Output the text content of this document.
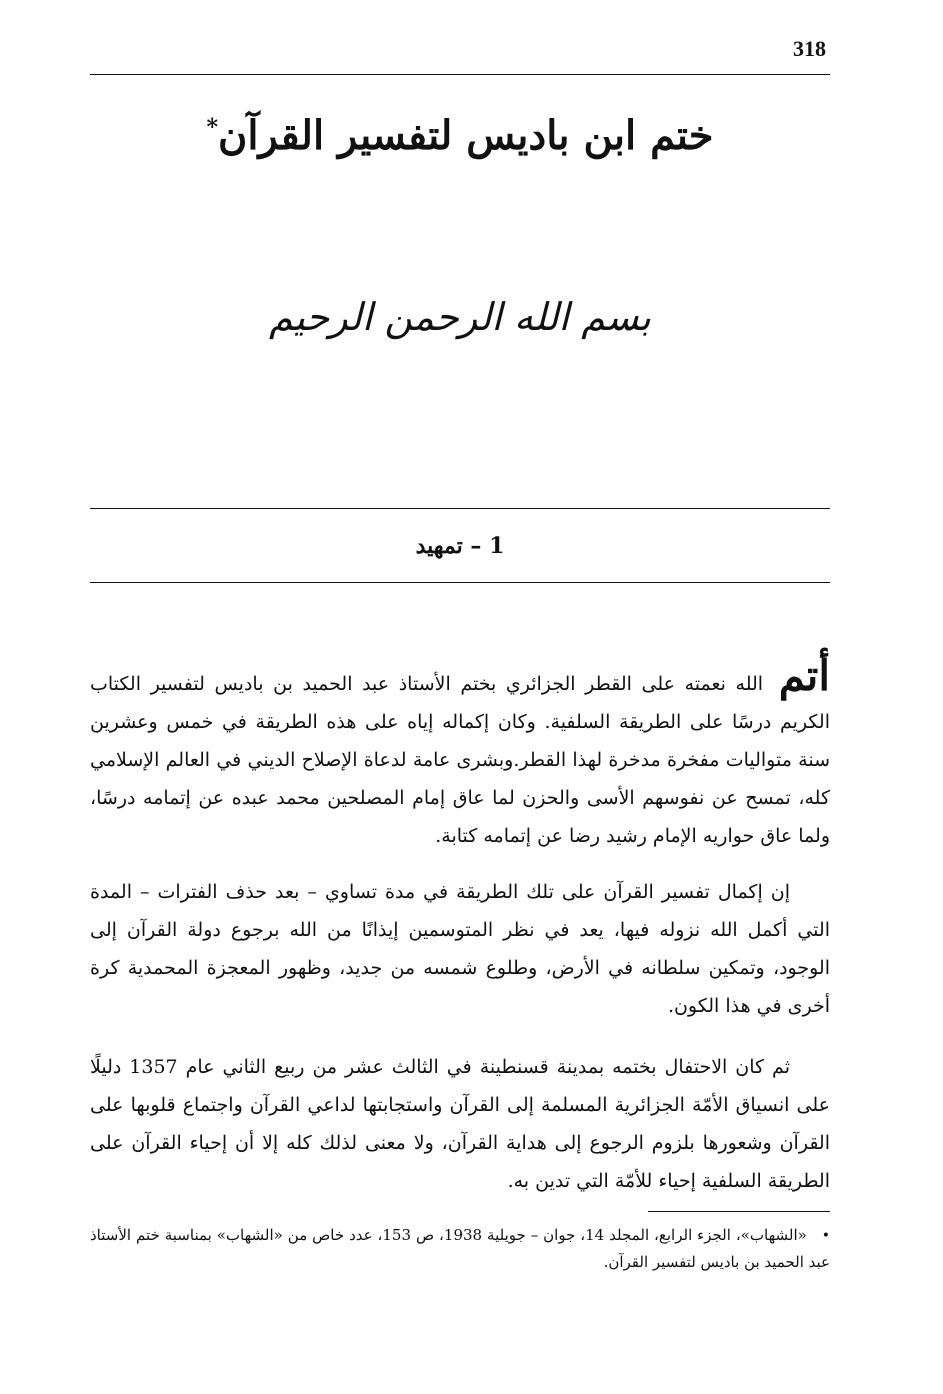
318
ختم ابن باديس لتفسير القرآن*
بسم الله الرحمن الرحيم
1 – تمهيد
أتم الله نعمته على القطر الجزائري بختم الأستاذ عبد الحميد بن باديس لتفسير الكتاب الكريم درسًا على الطريقة السلفية. وكان إكماله إياه على هذه الطريقة في خمس وعشرين سنة متواليات مفخرة مدخرة لهذا القطر.وبشرى عامة لدعاة الإصلاح الديني في العالم الإسلامي كله، تمسح عن نفوسهم الأسى والحزن لما عاق إمام المصلحين محمد عبده عن إتمامه درسًا، ولما عاق حواريه الإمام رشيد رضا عن إتمامه كتابة.
إن إكمال تفسير القرآن على تلك الطريقة في مدة تساوي – بعد حذف الفترات – المدة التي أكمل الله نزوله فيها، يعد في نظر المتوسمين إيذانًا من الله برجوع دولة القرآن إلى الوجود، وتمكين سلطانه في الأرض، وطلوع شمسه من جديد، وظهور المعجزة المحمدية كرة أخرى في هذا الكون.
ثم كان الاحتفال بختمه بمدينة قسنطينة في الثالث عشر من ربيع الثاني عام 1357 دليلًا على انسياق الأمّة الجزائرية المسلمة إلى القرآن واستجابتها لداعي القرآن واجتماع قلوبها على القرآن وشعورها بلزوم الرجوع إلى هداية القرآن، ولا معنى لذلك كله إلا أن إحياء القرآن على الطريقة السلفية إحياء للأمّة التي تدين به.
• «الشهاب»، الجزء الرابع، المجلد 14، جوان – جويلية 1938، ص 153، عدد خاص من «الشهاب» بمناسبة ختم الأستاذ عبد الحميد بن باديس لتفسير القرآن.
